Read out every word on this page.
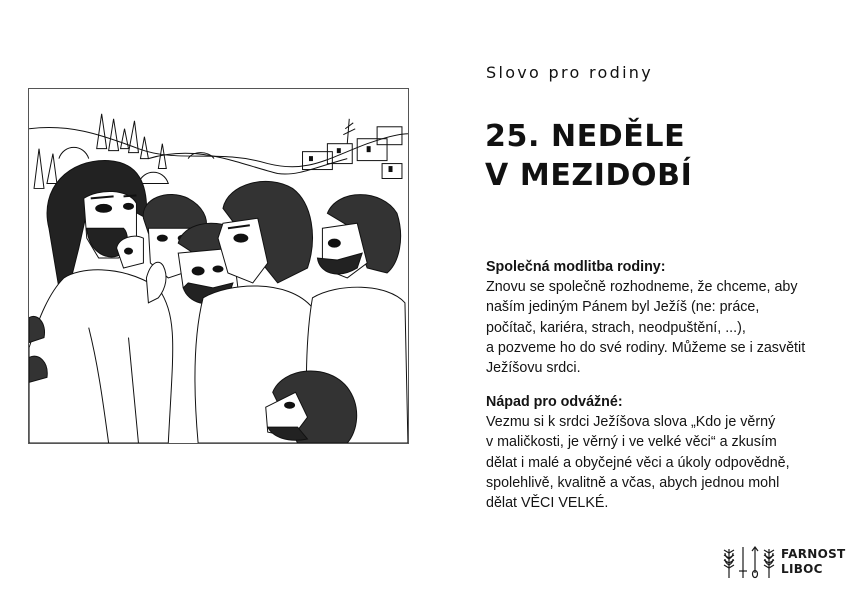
Slovo pro rodiny
25. NEDĚLE
V MEZIDOBÍ
Společná modlitba rodiny:
Znovu se společně rozhodneme, že chceme, aby
naším jediným Pánem byl Ježíš (ne: práce,
počítač, kariéra, strach, neodpuštění, ...),
a pozveme ho do své rodiny. Můžeme se i zasvětit
Ježíšovu srdci.
Nápad pro odvážné:
Vezmu si k srdci Ježíšova slova „Kdo je věrný
v maličkosti, je věrný i ve velké věci“ a zkusím
dělat i malé a obyčejné věci a úkoly odpovědně,
spolehlivě, kvalitně a včas, abych jednou mohl
dělat VĚCI VELKÉ.
FARNOST
LIBOC
